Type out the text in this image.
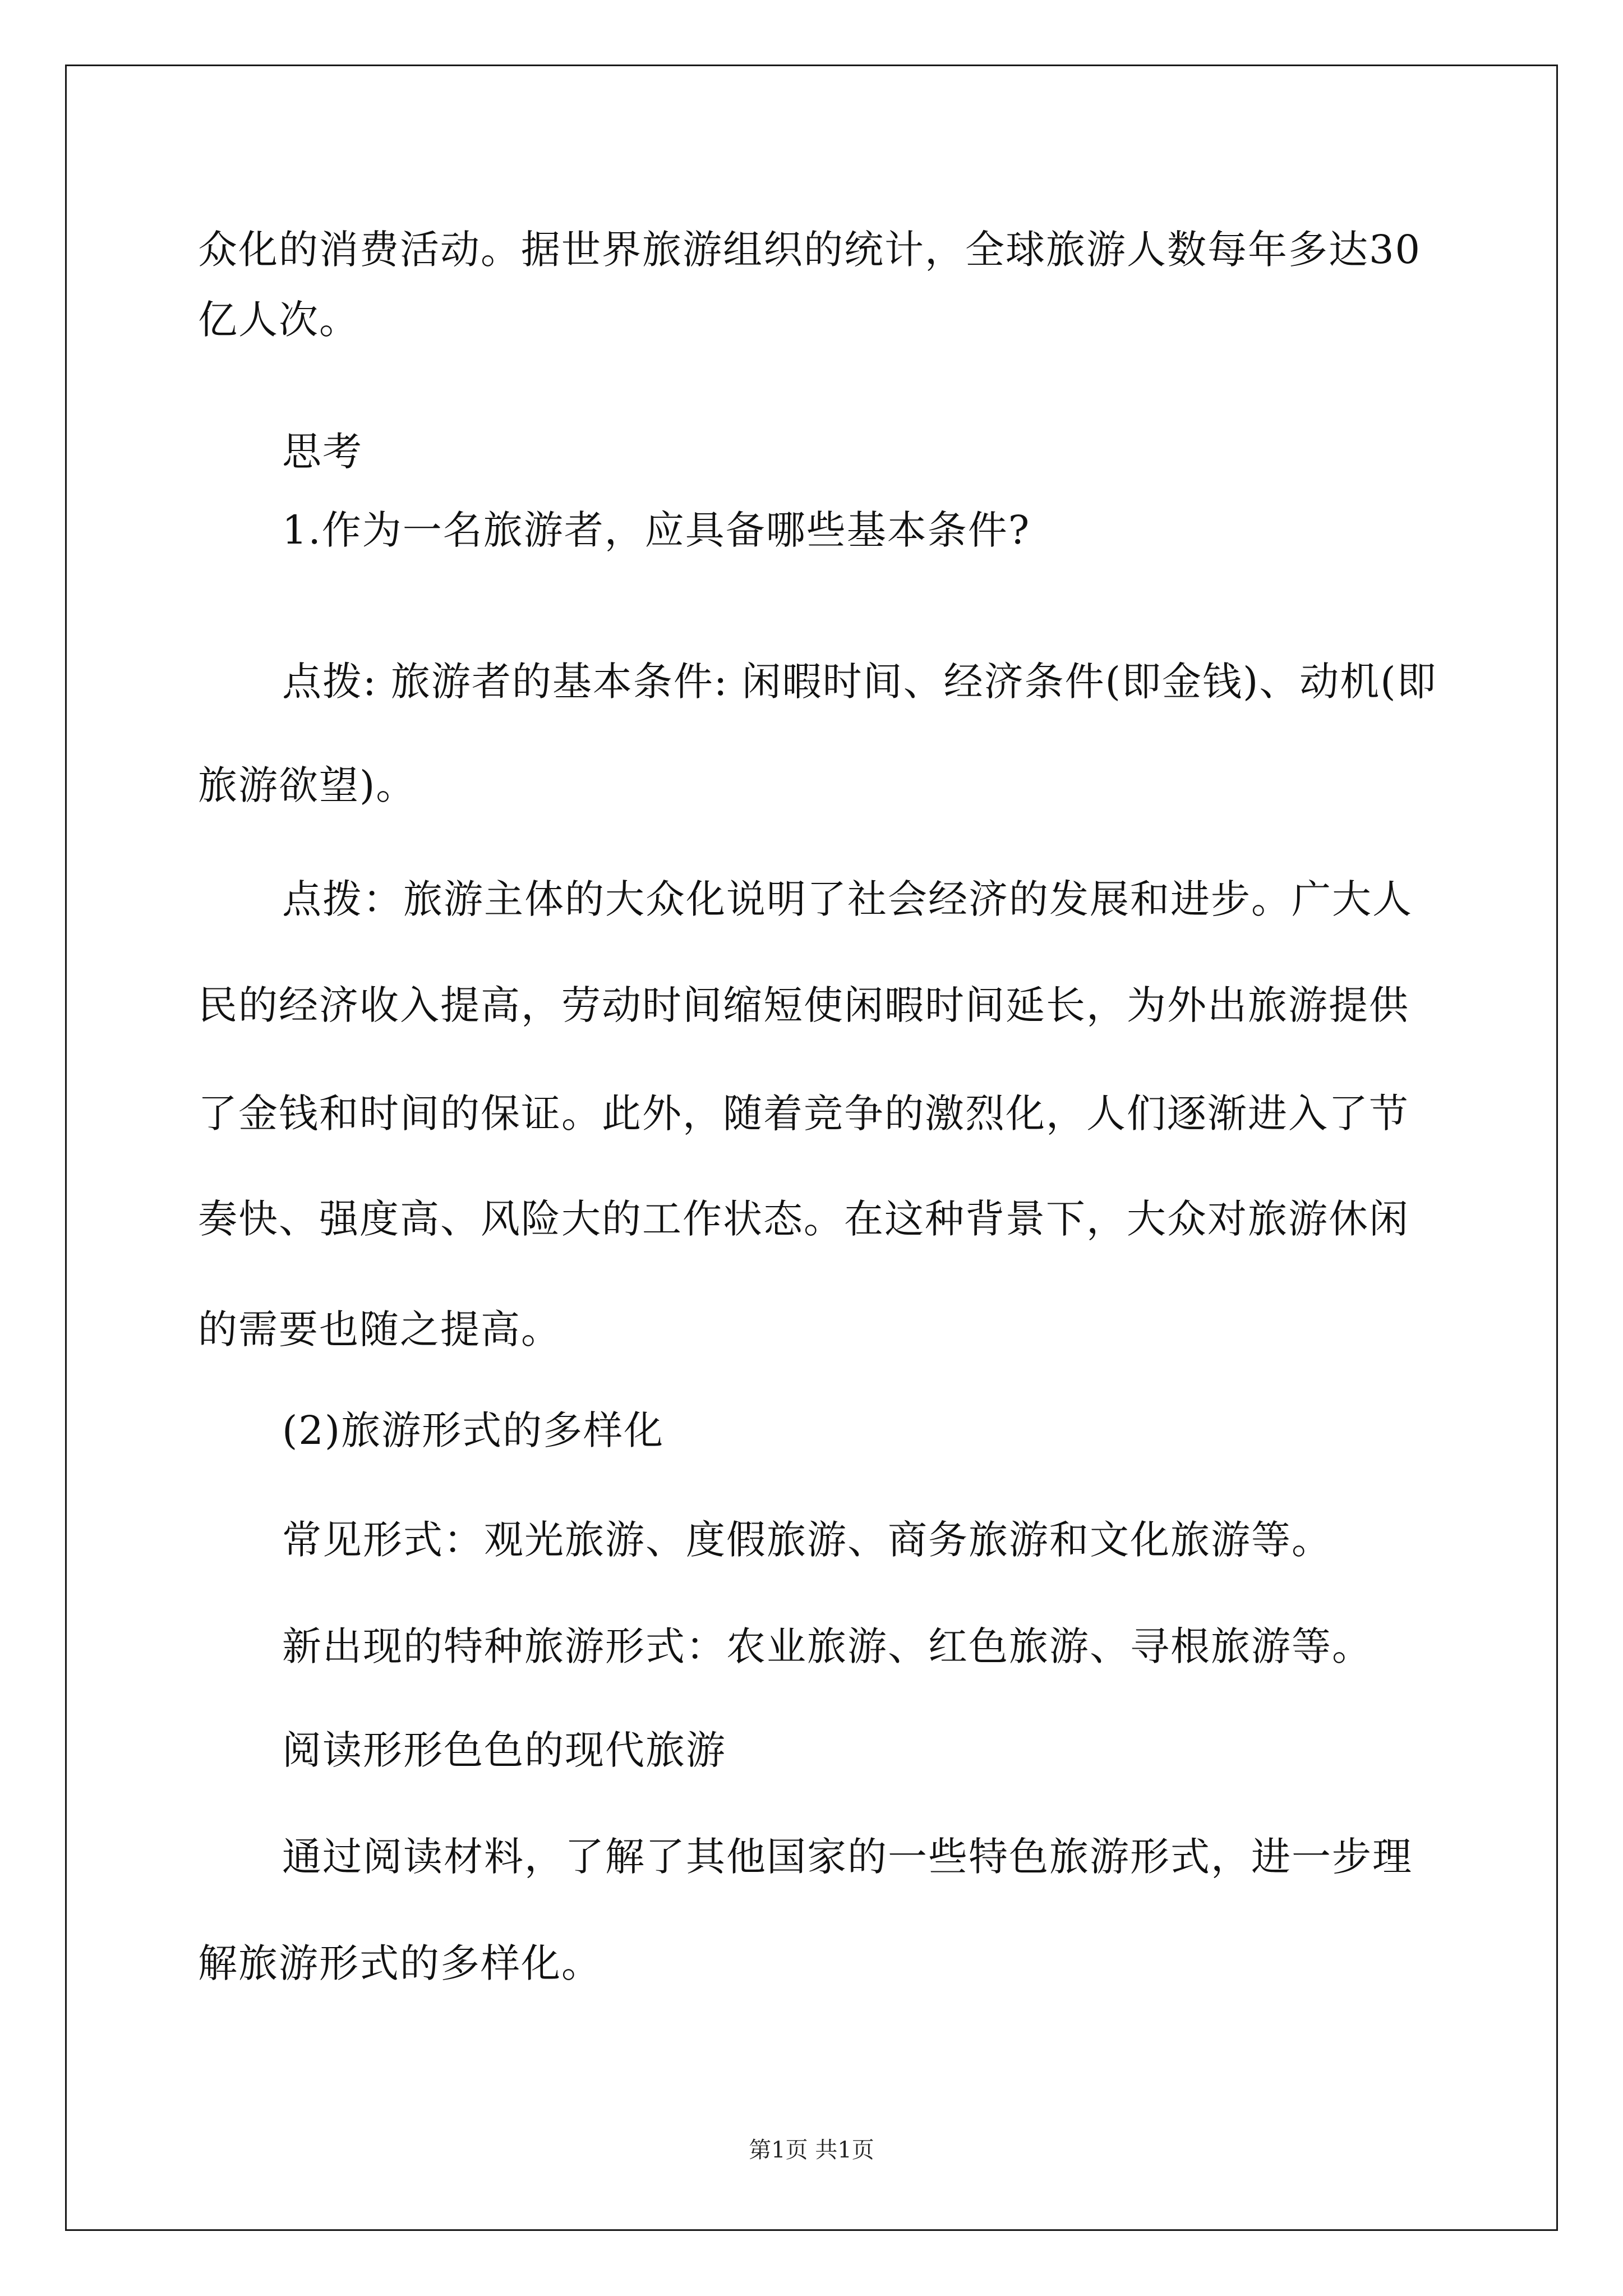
众化的消费活动。据世界旅游组织的统计，全球旅游人数每年多达30
亿人次。
思考
1.作为一名旅游者，应具备哪些基本条件?
点拨: 旅游者的基本条件: 闲暇时间、经济条件(即金钱)、动机(即
旅游欲望)。
点拨：旅游主体的大众化说明了社会经济的发展和进步。广大人
民的经济收入提高，劳动时间缩短使闲暇时间延长，为外出旅游提供
了金钱和时间的保证。此外，随着竞争的激烈化，人们逐渐进入了节
奏快、强度高、风险大的工作状态。在这种背景下，大众对旅游休闲
的需要也随之提高。
(2)旅游形式的多样化
常见形式：观光旅游、度假旅游、商务旅游和文化旅游等。
新出现的特种旅游形式：农业旅游、红色旅游、寻根旅游等。
阅读形形色色的现代旅游
通过阅读材料，了解了其他国家的一些特色旅游形式，进一步理
解旅游形式的多样化。
第1页 共1页
